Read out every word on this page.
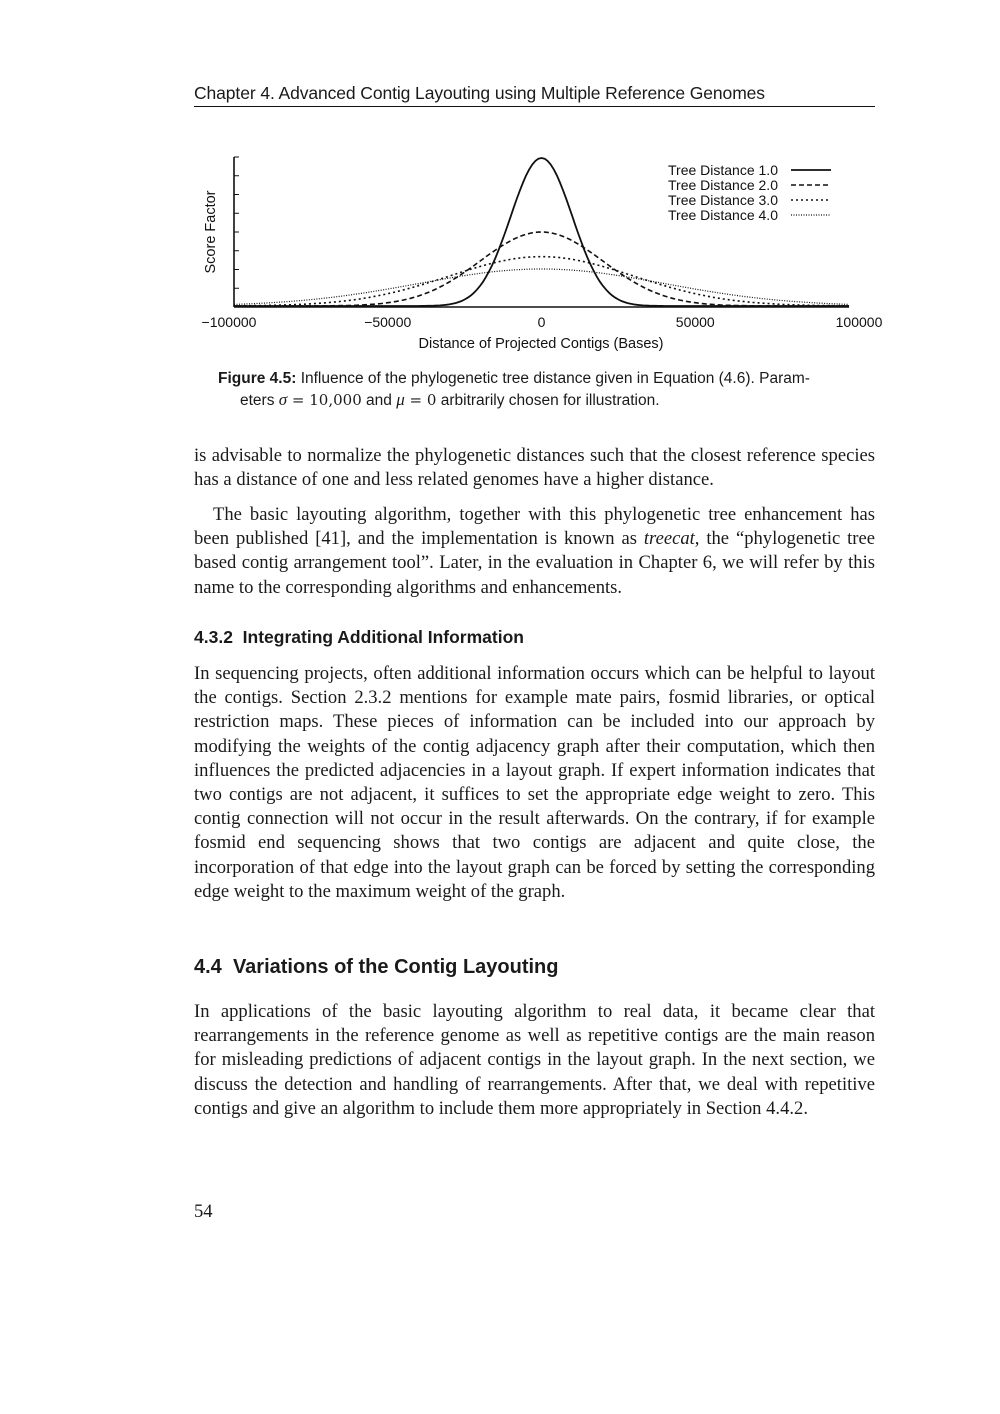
Chapter 4. Advanced Contig Layouting using Multiple Reference Genomes
−100000	−50000	0	50000	100000
Distance of Projected Contigs (Bases)
Score Factor
Tree Distance 1.0
Tree Distance 2.0
Tree Distance 3.0
Tree Distance 4.0
Figure 4.5: Influence of the phylogenetic tree distance given in Equation (4.6). Param-
eters σ = 10,000 and μ = 0 arbitrarily chosen for illustration.

is advisable to normalize the phylogenetic distances such that the closest reference species has a distance of one and less related genomes have a higher distance.

The basic layouting algorithm, together with this phylogenetic tree enhancement has been published [41], and the implementation is known as treecat, the “phylogenetic tree based contig arrangement tool”. Later, in the evaluation in Chapter 6, we will refer by this name to the corresponding algorithms and enhancements.

4.3.2 Integrating Additional Information

In sequencing projects, often additional information occurs which can be helpful to layout the contigs. Section 2.3.2 mentions for example mate pairs, fosmid libraries, or optical restriction maps. These pieces of information can be included into our approach by modifying the weights of the contig adjacency graph after their computation, which then influences the predicted adjacencies in a layout graph. If expert information indicates that two contigs are not adjacent, it suffices to set the appropriate edge weight to zero. This contig connection will not occur in the result afterwards. On the contrary, if for example fosmid end sequencing shows that two contigs are adjacent and quite close, the incorporation of that edge into the layout graph can be forced by setting the corresponding edge weight to the maximum weight of the graph.

4.4 Variations of the Contig Layouting

In applications of the basic layouting algorithm to real data, it became clear that rearrangements in the reference genome as well as repetitive contigs are the main reason for misleading predictions of adjacent contigs in the layout graph. In the next section, we discuss the detection and handling of rearrangements. After that, we deal with repetitive contigs and give an algorithm to include them more appropriately in Section 4.4.2.

54
